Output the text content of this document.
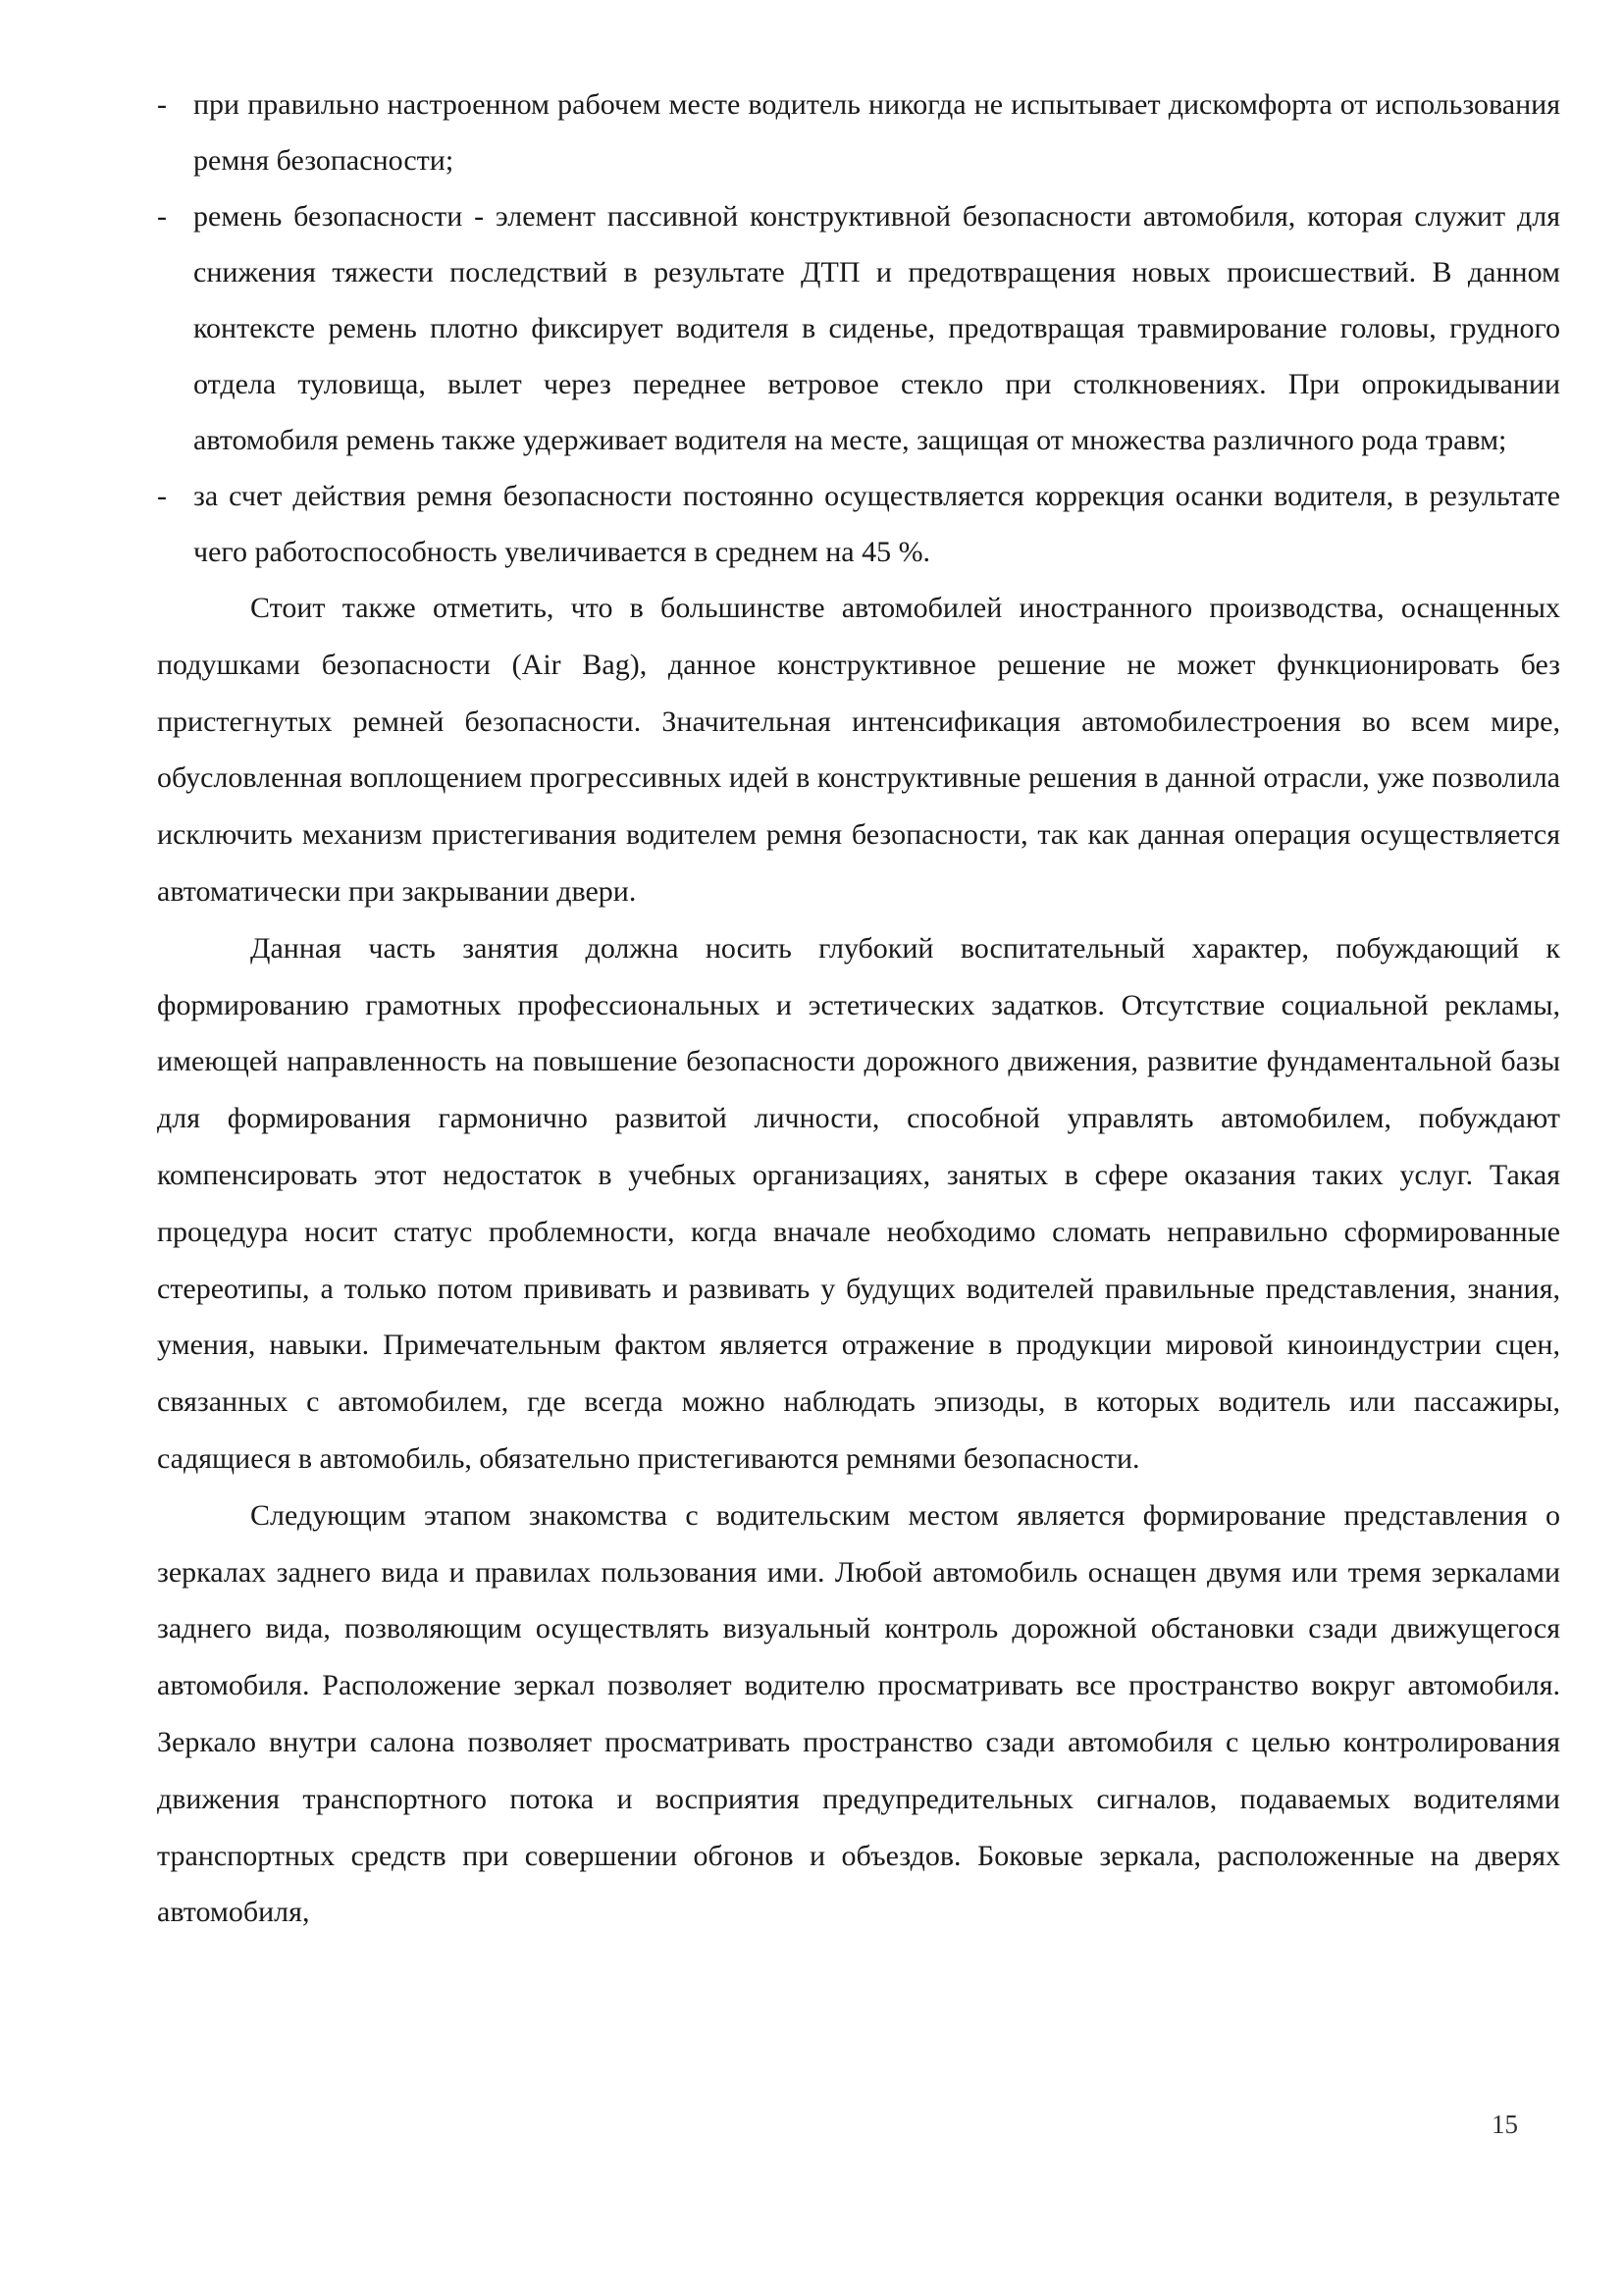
- при правильно настроенном рабочем месте водитель никогда не испытывает дискомфорта от использования ремня безопасности;
- ремень безопасности - элемент пассивной конструктивной безопасности автомобиля, которая служит для снижения тяжести последствий в результате ДТП и предотвращения новых происшествий. В данном контексте ремень плотно фиксирует водителя в сиденье, предотвращая травмирование головы, грудного отдела туловища, вылет через переднее ветровое стекло при столкновениях. При опрокидывании автомобиля ремень также удерживает водителя на месте, защищая от множества различного рода травм;
- за счет действия ремня безопасности постоянно осуществляется коррекция осанки водителя, в результате чего работоспособность увеличивается в среднем на 45 %.

Стоит также отметить, что в большинстве автомобилей иностранного производства, оснащенных подушками безопасности (Air Bag), данное конструктивное решение не может функционировать без пристегнутых ремней безопасности. Значительная интенсификация автомобилестроения во всем мире, обусловленная воплощением прогрессивных идей в конструктивные решения в данной отрасли, уже позволила исключить механизм пристегивания водителем ремня безопасности, так как данная операция осуществляется автоматически при закрывании двери.

Данная часть занятия должна носить глубокий воспитательный характер, побуждающий к формированию грамотных профессиональных и эстетических задатков. Отсутствие социальной рекламы, имеющей направленность на повышение безопасности дорожного движения, развитие фундаментальной базы для формирования гармонично развитой личности, способной управлять автомобилем, побуждают компенсировать этот недостаток в учебных организациях, занятых в сфере оказания таких услуг. Такая процедура носит статус проблемности, когда вначале необходимо сломать неправильно сформированные стереотипы, а только потом прививать и развивать у будущих водителей правильные представления, знания, умения, навыки. Примечательным фактом является отражение в продукции мировой киноиндустрии сцен, связанных с автомобилем, где всегда можно наблюдать эпизоды, в которых водитель или пассажиры, садящиеся в автомобиль, обязательно пристегиваются ремнями безопасности.

Следующим этапом знакомства с водительским местом является формирование представления о зеркалах заднего вида и правилах пользования ими. Любой автомобиль оснащен двумя или тремя зеркалами заднего вида, позволяющим осуществлять визуальный контроль дорожной обстановки сзади движущегося автомобиля. Расположение зеркал позволяет водителю просматривать все пространство вокруг автомобиля. Зеркало внутри салона позволяет просматривать пространство сзади автомобиля с целью контролирования движения транспортного потока и восприятия предупредительных сигналов, подаваемых водителями транспортных средств при совершении обгонов и объездов. Боковые зеркала, расположенные на дверях автомобиля,

15
